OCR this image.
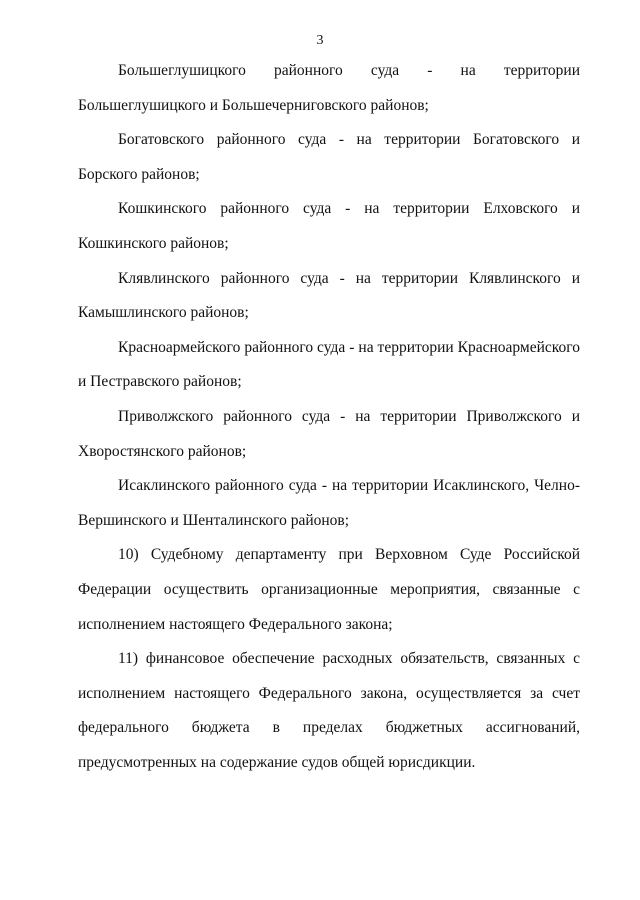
3

Большеглушицкого районного суда - на территории Большеглушицкого и Большечерниговского районов;

Богатовского районного суда - на территории Богатовского и Борского районов;

Кошкинского районного суда - на территории Елховского и Кошкинского районов;

Клявлинского районного суда - на территории Клявлинского и Камышлинского районов;

Красноармейского районного суда - на территории Красноармейского и Пестравского районов;

Приволжского районного суда - на территории Приволжского и Хворостянского районов;

Исаклинского районного суда - на территории Исаклинского, Челно-Вершинского и Шенталинского районов;

10) Судебному департаменту при Верховном Суде Российской Федерации осуществить организационные мероприятия, связанные с исполнением настоящего Федерального закона;

11) финансовое обеспечение расходных обязательств, связанных с исполнением настоящего Федерального закона, осуществляется за счет федерального бюджета в пределах бюджетных ассигнований, предусмотренных на содержание судов общей юрисдикции.
